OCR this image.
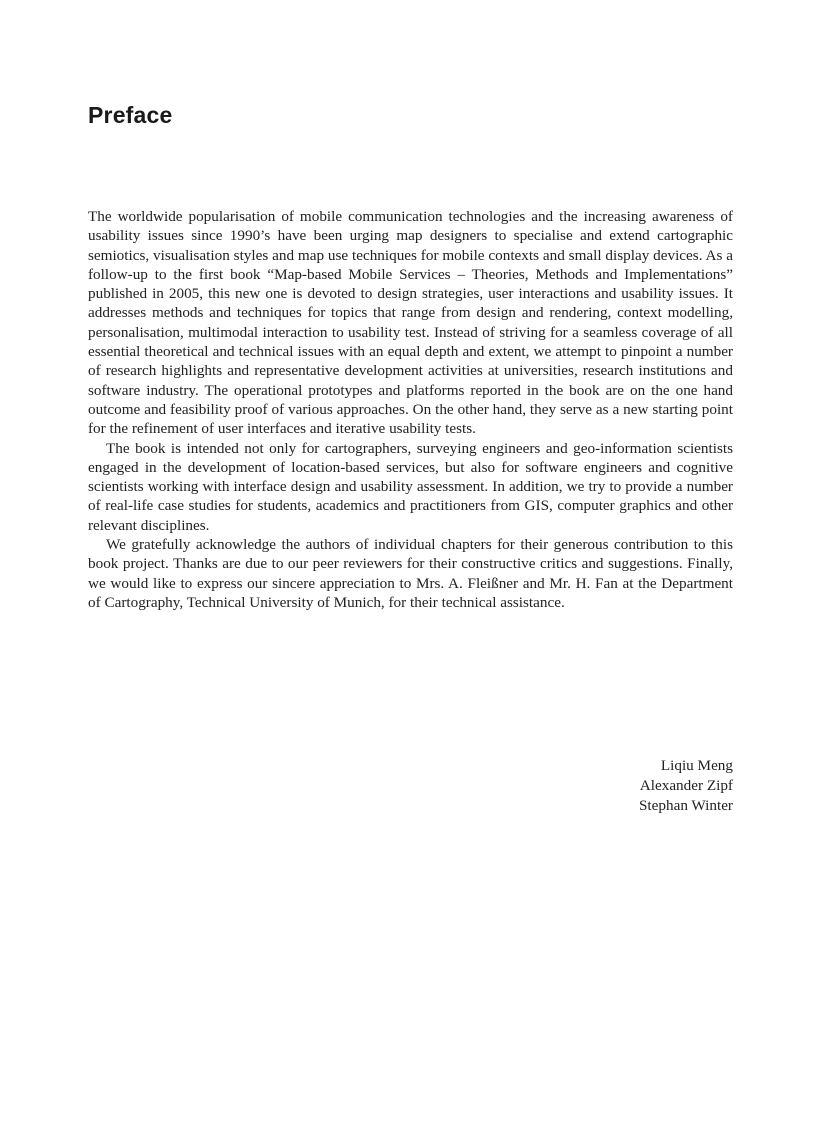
Preface

The worldwide popularisation of mobile communication technologies and the increasing awareness of usability issues since 1990’s have been urging map designers to specialise and extend cartographic semiotics, visualisation styles and map use techniques for mobile contexts and small display devices. As a follow-up to the first book “Map-based Mobile Services – Theories, Methods and Implementations” published in 2005, this new one is devoted to design strategies, user interactions and usability issues. It addresses methods and techniques for topics that range from design and rendering, context modelling, personalisation, multimodal interaction to usability test. Instead of striving for a seamless coverage of all essential theoretical and technical issues with an equal depth and extent, we attempt to pinpoint a number of research highlights and representative development activities at universities, research institutions and software industry. The operational prototypes and platforms reported in the book are on the one hand outcome and feasibility proof of various approaches. On the other hand, they serve as a new starting point for the refinement of user interfaces and iterative usability tests.

The book is intended not only for cartographers, surveying engineers and geo-information scientists engaged in the development of location-based services, but also for software engineers and cognitive scientists working with interface design and usability assessment. In addition, we try to provide a number of real-life case studies for students, academics and practitioners from GIS, computer graphics and other relevant disciplines.

We gratefully acknowledge the authors of individual chapters for their generous contribution to this book project. Thanks are due to our peer reviewers for their constructive critics and suggestions. Finally, we would like to express our sincere appreciation to Mrs. A. Fleißner and Mr. H. Fan at the Department of Cartography, Technical University of Munich, for their technical assistance.

Liqiu Meng
Alexander Zipf
Stephan Winter
